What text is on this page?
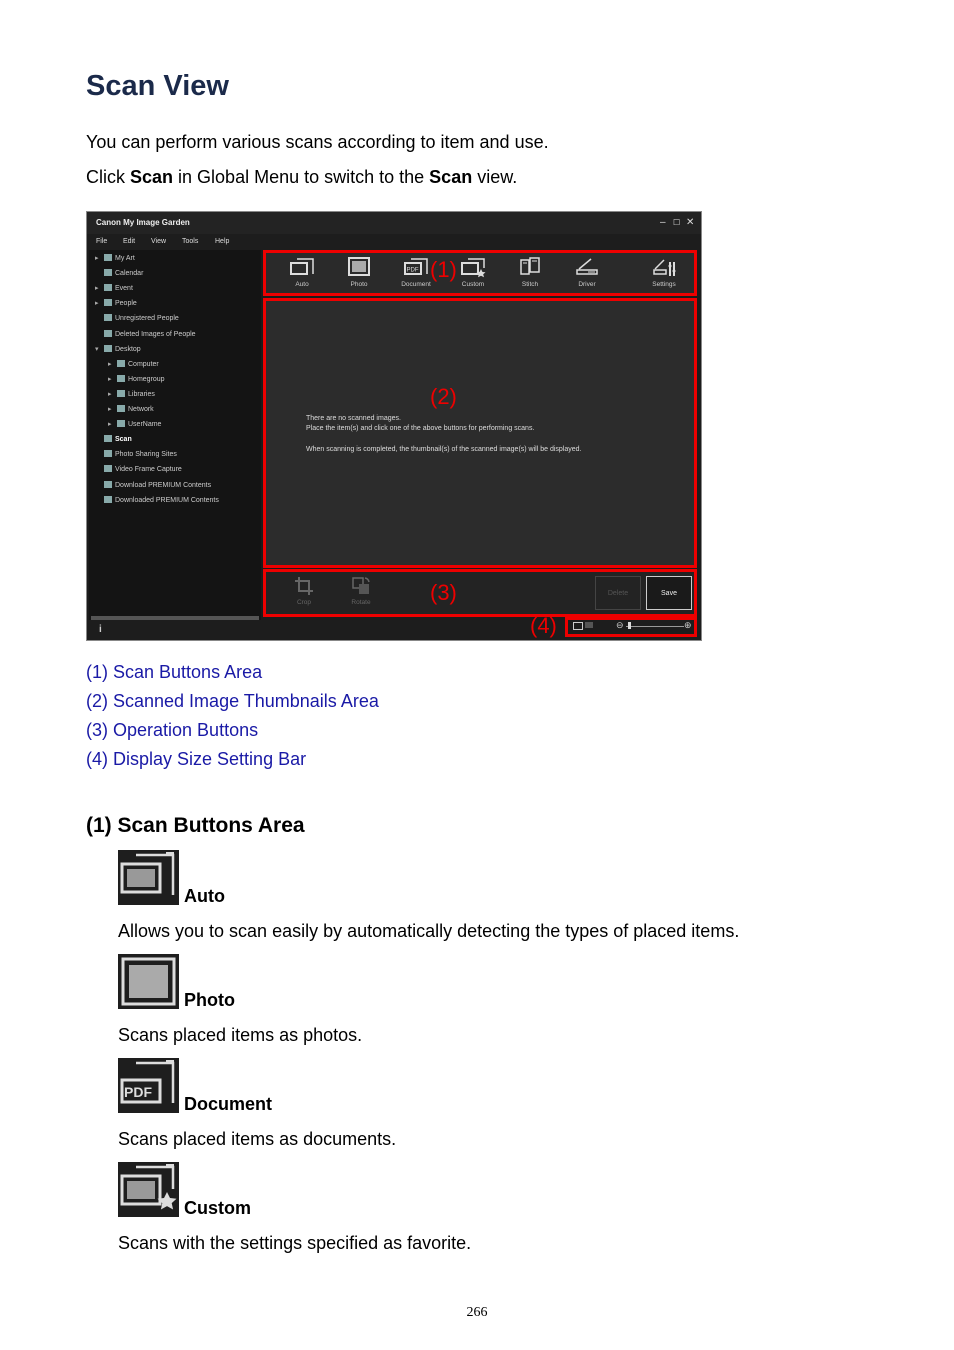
Scan View
You can perform various scans according to item and use.
Click Scan in Global Menu to switch to the Scan view.
Canon My Image Garden	– ☐ ✕
File Edit View Tools Help
▸ My Art
Calendar
▸ Event
▸ People
Unregistered People
Deleted Images of People
▾ Desktop
▸ Computer
▸ Homegroup
▸ Libraries
▸ Network
▸ UserName
Scan
Photo Sharing Sites
Video Frame Capture
Download PREMIUM Contents
Downloaded PREMIUM Contents
Auto	Photo
PDF
Document	Custom	Stitch	Driver	Settings
(1)
There are no scanned images.
Place the item(s) and click one of the above buttons for performing scans.
When scanning is completed, the thumbnail(s) of the scanned image(s) will be displayed.
(2)
Crop	Rotate
Delete	Save
(3)
i	⊖	⊕
(4)
(1) Scan Buttons Area
(2) Scanned Image Thumbnails Area
(3) Operation Buttons
(4) Display Size Setting Bar
(1) Scan Buttons Area
Auto
Allows you to scan easily by automatically detecting the types of placed items.
Photo
Scans placed items as photos.
PDF
Document
Scans placed items as documents.
Custom
Scans with the settings specified as favorite.
266
